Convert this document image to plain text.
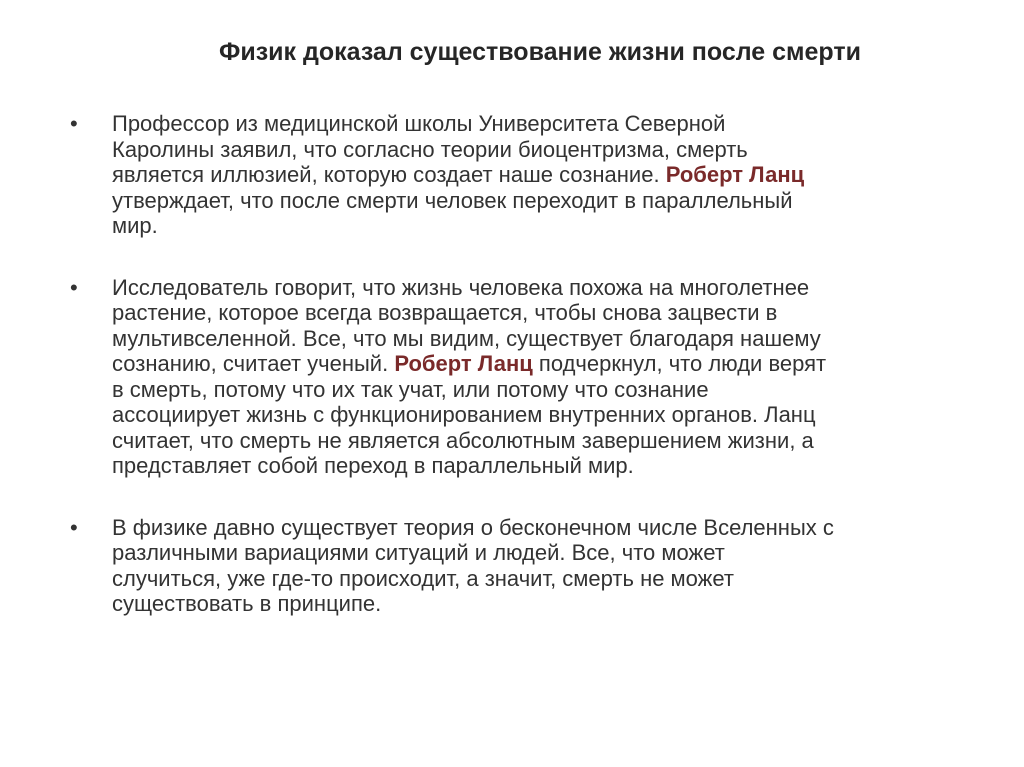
Физик доказал существование жизни после смерти
•	Профессор из медицинской школы Университета Северной
Каролины заявил, что согласно теории биоцентризма, смерть
является иллюзией, которую создает наше сознание. Роберт Ланц
утверждает, что после смерти человек переходит в параллельный
мир.
•	Исследователь говорит, что жизнь человека похожа на многолетнее
растение, которое всегда возвращается, чтобы снова зацвести в
мультивселенной. Все, что мы видим, существует благодаря нашему
сознанию, считает ученый. Роберт Ланц подчеркнул, что люди верят
в смерть, потому что их так учат, или потому что сознание
ассоциирует жизнь с функционированием внутренних органов. Ланц
считает, что смерть не является абсолютным завершением жизни, а
представляет собой переход в параллельный мир.
•	В физике давно существует теория о бесконечном числе Вселенных с
различными вариациями ситуаций и людей. Все, что может
случиться, уже где-то происходит, а значит, смерть не может
существовать в принципе.
